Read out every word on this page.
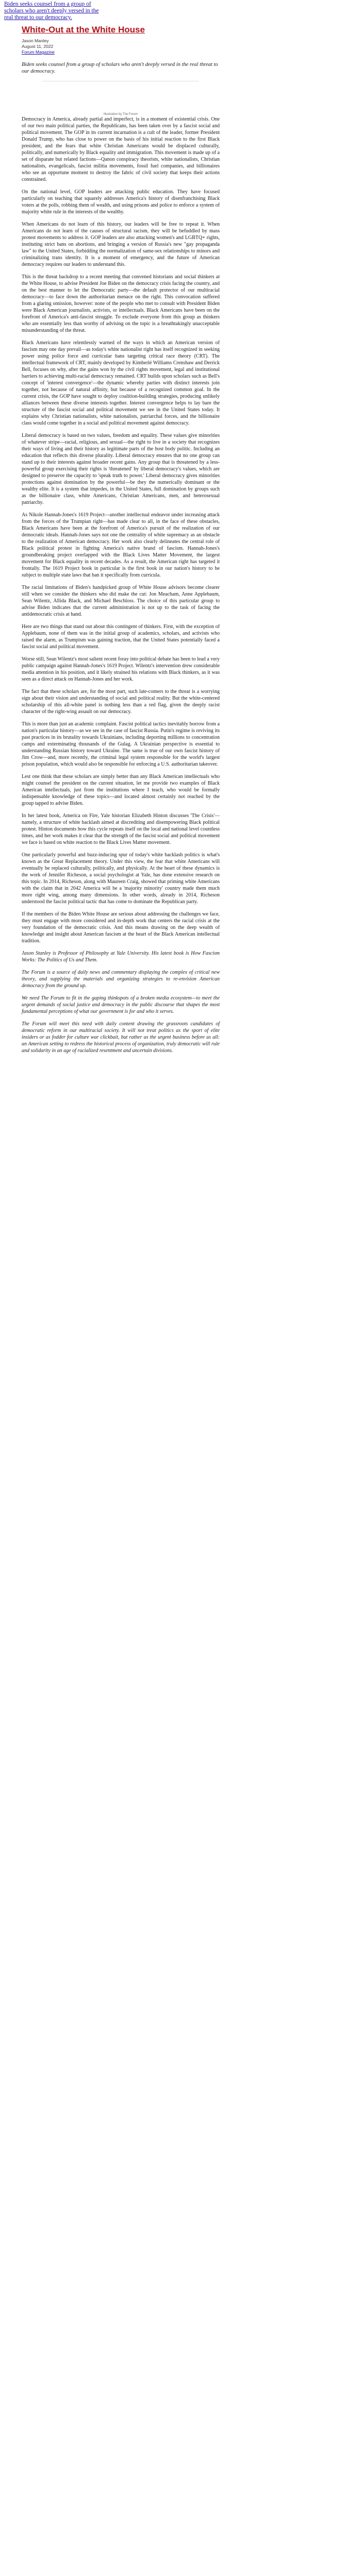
Biden seeks counsel from a group of scholars who aren't deeply versed in the real threat to our democracy.
White-Out at the White House
Jason Manley
August 11, 2022
Forum Magazine

Biden seeks counsel from a group of scholars who aren't deeply versed in the real threat to our democracy.

Illustration by The Forum

Democracy in America, already partial and imperfect, is in a moment of existential crisis. One of our two main political parties, the Republicans, has been taken over by a fascist social and political movement. The GOP in its current incarnation is a cult of the leader, former President Donald Trump, who has close to power on the basis of his initial reaction to the first Black president, and the fears that white Christian Americans would be displaced culturally, politically, and numerically by Black equality and immigration. This movement is made up of a set of disparate but related factions—Qanon conspiracy theorists, white nationalists, Christian nationalists, evangelicals, fascist militia movements, fossil fuel companies, and billionaires who see an opportune moment to destroy the fabric of civil society that keeps their actions constrained.

On the national level, GOP leaders are attacking public education. They have focused particularly on teaching that squarely addresses America's history of disenfranchising Black voters at the polls, robbing them of wealth, and using prisons and police to enforce a system of majority white rule in the interests of the wealthy.

When Americans do not learn of this history, our leaders will be free to repeat it. When Americans do not learn of the causes of structural racism, they will be befuddled by mass protest movements to address it. GOP leaders are also attacking women's and LGBTQ+ rights, instituting strict bans on abortions, and bringing a version of Russia's new "gay propaganda law" to the United States, forbidding the normalization of same-sex relationships to minors and criminalizing trans identity. It is a moment of emergency, and the future of American democracy requires our leaders to understand this.

This is the threat backdrop to a recent meeting that convened historians and social thinkers at the White House, to advise President Joe Biden on the democracy crisis facing the country, and on the best manner to let the Democratic party—the default protector of our multiracial democracy—to face down the authoritarian menace on the right. This convocation suffered from a glaring omission, however: none of the people who met to consult with President Biden were Black American journalists, activists, or intellectuals. Black Americans have been on the forefront of America's anti-fascist struggle. To exclude everyone from this group as thinkers who are essentially less than worthy of advising on the topic is a breathtakingly unacceptable misunderstanding of the threat.

Black Americans have relentlessly warned of the ways in which an American version of fascism may one day prevail—as today's white nationalist right has itself recognized in seeking power using police force and curricular bans targeting critical race theory (CRT). The intellectual framework of CRT, mainly developed by Kimberlé Williams Crenshaw and Derrick Bell, focuses on why, after the gains won by the civil rights movement, legal and institutional barriers to achieving multi-racial democracy remained. CRT builds upon scholars such as Bell's concept of 'interest convergence'—the dynamic whereby parties with distinct interests join together, not because of natural affinity, but because of a recognized common goal. In the current crisis, the GOP have sought to deploy coalition-building strategies, producing unlikely alliances between these diverse interests together. Interest convergence helps to lay bare the structure of the fascist social and political movement we see in the United States today. It explains why Christian nationalists, white nationalists, patriarchal forces, and the billionaire class would come together in a social and political movement against democracy.

Liberal democracy is based on two values, freedom and equality. These values give minorities of whatever stripe—racial, religious, and sexual—the right to live in a society that recognizes their ways of living and their history as legitimate parts of the host body politic. Including an education that reflects this diverse plurality. Liberal democracy ensures that no one group can stand up to their interests against broader recent gains. Any group that is threatened by a less-powerful group exercising their rights is 'threatened' by liberal democracy's values, which are designed to preserve the capacity to 'speak truth to power.' Liberal democracy gives minorities protections against domination by the powerful—be they the numerically dominant or the wealthy elite. It is a system that impedes, in the United States, full domination by groups such as the billionaire class, white Americans, Christian Americans, men, and heterosexual patriarchy.

As Nikole Hannah-Jones's 1619 Project—another intellectual endeavor under increasing attack from the forces of the Trumpian right—has made clear to all, in the face of these obstacles, Black Americans have been at the forefront of America's pursuit of the realization of our democratic ideals. Hannah-Jones says not one the centrality of white supremacy as an obstacle to the realization of American democracy. Her work also clearly delineates the central role of Black political protest in fighting America's native brand of fascism. Hannah-Jones's groundbreaking project overlapped with the Black Lives Matter Movement, the largest movement for Black equality in recent decades. As a result, the American right has targeted it frontally. The 1619 Project book in particular is the first book in our nation's history to be subject to multiple state laws that ban it specifically from curricula.

The racial limitations of Biden's handpicked group of White House advisors become clearer still when we consider the thinkers who did make the cut: Jon Meacham, Anne Applebaum, Sean Wilentz, Allida Black, and Michael Beschloss. The choice of this particular group to advise Biden indicates that the current administration is not up to the task of facing the antidemocratic crisis at hand.

Here are two things that stand out about this contingent of thinkers. First, with the exception of Applebaum, none of them was in the initial group of academics, scholars, and activists who raised the alarm, as Trumpism was gaining traction, that the United States potentially faced a fascist social and political movement.

Worse still, Sean Wilentz's most salient recent foray into political debate has been to lead a very public campaign against Hannah-Jones's 1619 Project. Wilentz's intervention drew considerable media attention in his position, and it likely strained his relations with Black thinkers, as it was seen as a direct attack on Hannah-Jones and her work.

The fact that these scholars are, for the most part, such late-comers to the threat is a worrying sign about their vision and understanding of social and political reality. But the white-centered scholarship of this all-white panel is nothing less than a red flag, given the deeply racist character of the right-wing assault on our democracy.

This is more than just an academic complaint. Fascist political tactics inevitably borrow from a nation's particular history—as we see in the case of fascist Russia. Putin's regime is reviving its past practices in its brutality towards Ukrainians, including deporting millions to concentration camps and exterminating thousands of the Gulag. A Ukrainian perspective is essential to understanding Russian history toward Ukraine. The same is true of our own fascist history of Jim Crow—and, more recently, the criminal legal system responsible for the world's largest prison population, which would also be responsible for enforcing a U.S. authoritarian takeover.

Lest one think that these scholars are simply better than any Black American intellectuals who might counsel the president on the current situation, let me provide two examples of Black American intellectuals, just from the institutions where I teach, who would be formally indispensable knowledge of these topics—and located almost certainly not reached by the group tapped to advise Biden.

In her latest book, America on Fire, Yale historian Elizabeth Hinton discusses 'The Crisis'—namely, a structure of white backlash aimed at discrediting and disempowering Black political protest. Hinton documents how this cycle repeats itself on the local and national level countless times, and her work makes it clear that the strength of the fascist social and political movement we face is based on white reaction to the Black Lives Matter movement.

One particularly powerful and buzz-inducing spur of today's white backlash politics is what's known as the Great Replacement theory. Under this view, the fear that white Americans will eventually be replaced culturally, politically, and physically. At the heart of these dynamics is the work of Jennifer Richeson, a social psychologist at Yale, has done extensive research on this topic. In 2014, Richeson, along with Maureen Craig, showed that priming white Americans with the claim that in 2042 America will be a 'majority minority' country made them much more right wing, among many dimensions. In other words, already in 2014, Richeson understood the fascist political tactic that has come to dominate the Republican party.

If the members of the Biden White House are serious about addressing the challenges we face, they must engage with more considered and in-depth work that centers the racial crisis at the very foundation of the democratic crisis. And this means drawing on the deep wealth of knowledge and insight about American fascism at the heart of the Black American intellectual tradition.

Jason Stanley is Professor of Philosophy at Yale University. His latest book is How Fascism Works: The Politics of Us and Them.

The Forum is a source of daily news and commentary displaying the complex of critical new theory, and supplying the materials and organizing strategies to re-envision American democracy from the ground up.

We need The Forum to fit in the gaping thinkspots of a broken media ecosystem—to meet the urgent demands of social justice and democracy in the public discourse that shapes the most fundamental perceptions of what our government is for and who it serves.

The Forum will meet this need with daily content drawing the grassroots candidates of democratic reform in our multiracial society. It will not treat politics as the sport of elite insiders or as fodder for culture war clickbait, but rather as the urgent business before us all: an American setting to redress the historical process of organization, truly democratic will rule and solidarity in an age of racialized resentment and uncertain divisions.
